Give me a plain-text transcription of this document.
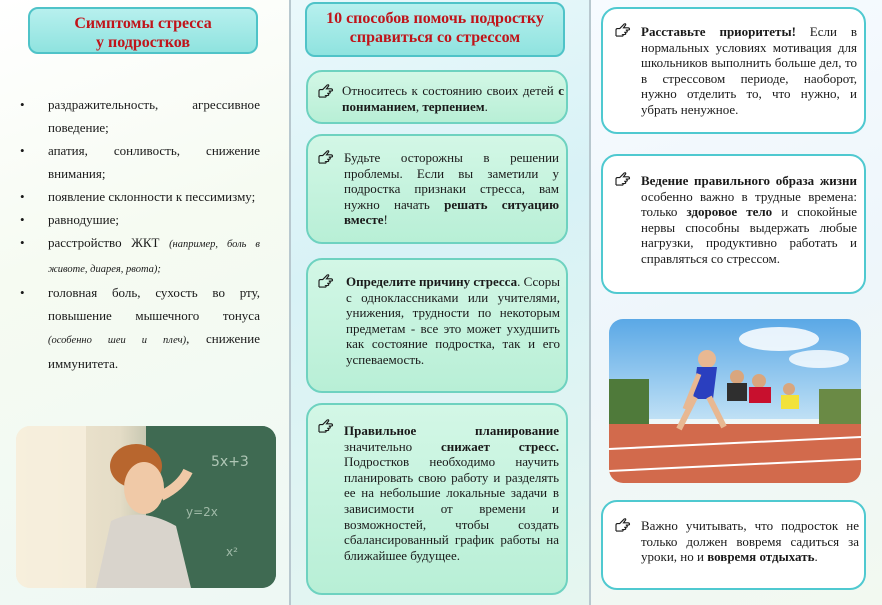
Симптомы стресса
у подростков
• раздражительность, агрессивное поведение;
• апатия, сонливость, снижение внимания;
• появление склонности к пессимизму;
• равнодушие;
• расстройство ЖКТ (например, боль в животе, диарея, рвота);
• головная боль, сухость во рту, повышение мышечного тонуса (особенно шеи и плеч), снижение иммунитета.
5x+3
y=2x
x²
10 способов помочь подростку
справиться со стрессом
Относитесь к состоянию своих детей с пониманием, терпением.
Будьте осторожны в решении проблемы. Если вы заметили у подростка признаки стресса, вам нужно начать решать ситуацию вместе!
Определите причину стресса. Ссоры с одноклассниками или учителями, унижения, трудности по некоторым предметам - все это может ухудшить как состояние подростка, так и его успеваемость.
Правильное планирование значительно снижает стресс. Подростков необходимо научить планировать свою работу и разделять ее на небольшие локальные задачи в зависимости от времени и возможностей, чтобы создать сбалансированный график работы на ближайшее будущее.
Расставьте приоритеты! Если в нормальных условиях мотивация для школьников выполнить больше дел, то в стрессовом периоде, наоборот, нужно отделить то, что нужно, и убрать ненужное.
Ведение правильного образа жизни особенно важно в трудные времена: только здоровое тело и спокойные нервы способны выдержать любые нагрузки, продуктивно работать и справляться со стрессом.
Важно учитывать, что подросток не только должен вовремя садиться за уроки, но и вовремя отдыхать.
